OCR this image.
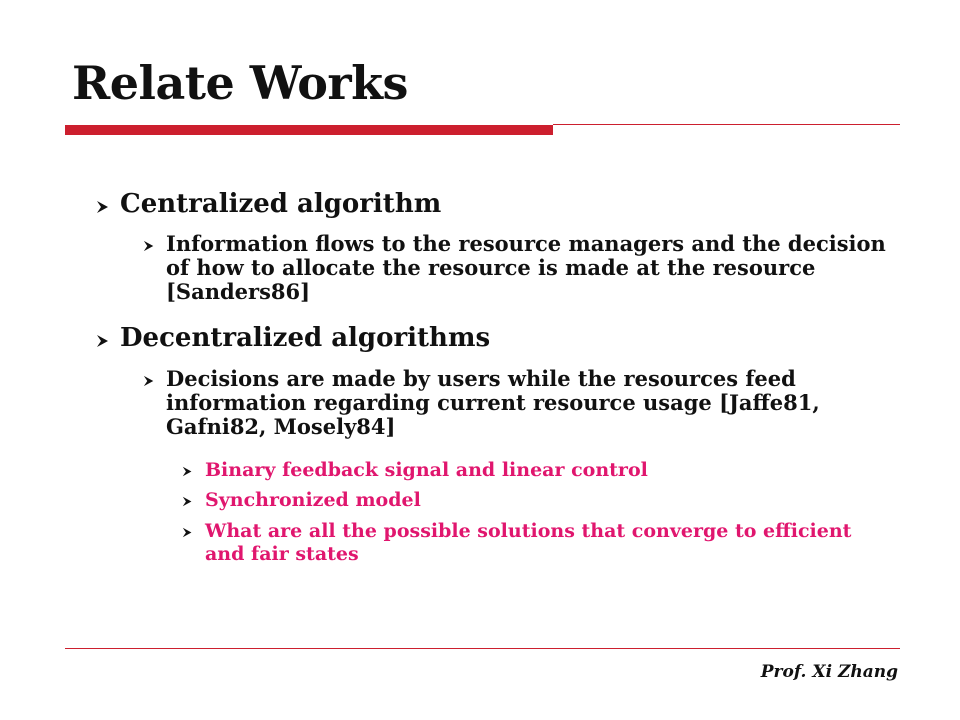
Relate Works
Centralized algorithm
Information flows to the resource managers and the decision of how to allocate the resource is made at the resource [Sanders86]
Decentralized algorithms
Decisions are made by users while the resources feed information regarding current resource usage [Jaffe81, Gafni82, Mosely84]
Binary feedback signal and linear control
Synchronized model
What are all the possible solutions that converge to efficient and fair states
Prof. Xi Zhang
